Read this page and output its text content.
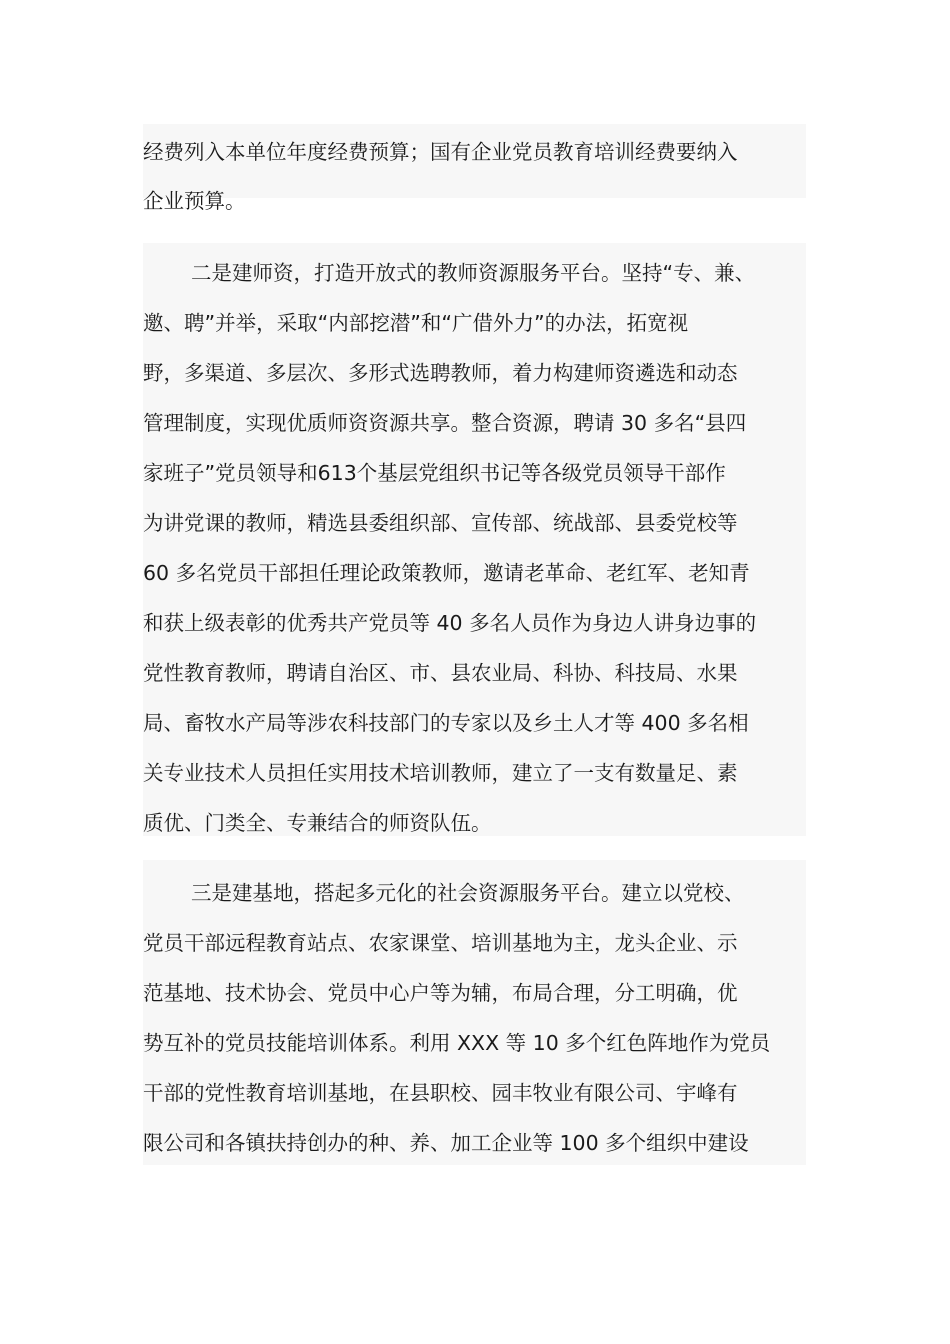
经费列入本单位年度经费预算；国有企业党员教育培训经费要纳入
企业预算。
二是建师资，打造开放式的教师资源服务平台。坚持“专、兼、
邀、聘”并举，采取“内部挖潜”和“广借外力”的办法，拓宽视
野，多渠道、多层次、多形式选聘教师，着力构建师资遴选和动态
管理制度，实现优质师资资源共享。整合资源，聘请 30 多名“县四
家班子”党员领导和613个基层党组织书记等各级党员领导干部作
为讲党课的教师，精选县委组织部、宣传部、统战部、县委党校等
60 多名党员干部担任理论政策教师，邀请老革命、老红军、老知青
和获上级表彰的优秀共产党员等 40 多名人员作为身边人讲身边事的
党性教育教师，聘请自治区、市、县农业局、科协、科技局、水果
局、畜牧水产局等涉农科技部门的专家以及乡土人才等 400 多名相
关专业技术人员担任实用技术培训教师，建立了一支有数量足、素
质优、门类全、专兼结合的师资队伍。
三是建基地，搭起多元化的社会资源服务平台。建立以党校、
党员干部远程教育站点、农家课堂、培训基地为主，龙头企业、示
范基地、技术协会、党员中心户等为辅，布局合理，分工明确，优
势互补的党员技能培训体系。利用 XXX 等 10 多个红色阵地作为党员
干部的党性教育培训基地，在县职校、园丰牧业有限公司、宇峰有
限公司和各镇扶持创办的种、养、加工企业等 100 多个组织中建设
